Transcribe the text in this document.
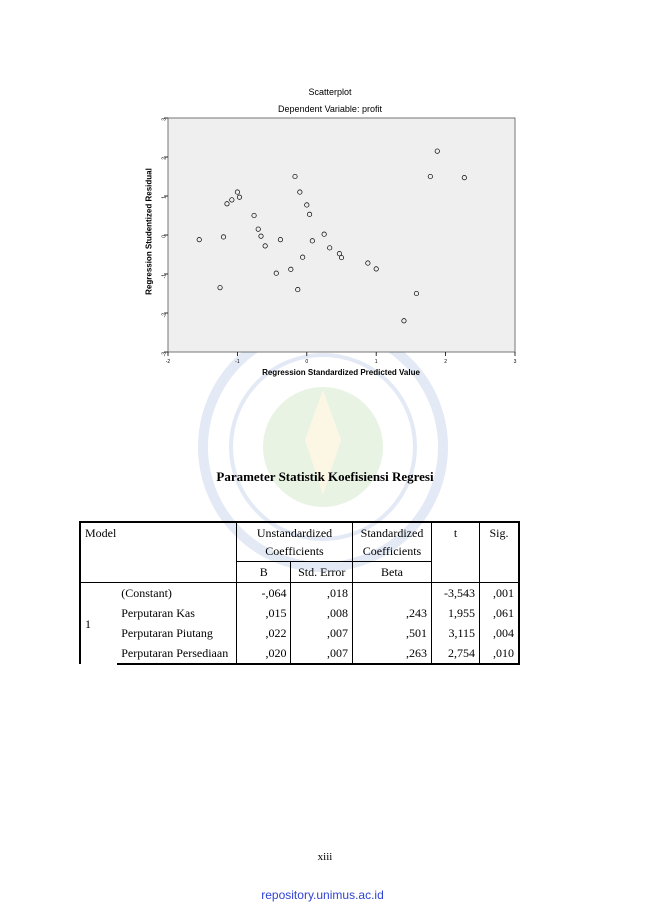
Scatterplot
Dependent Variable: profit
3
2
1
0
-1
-2
-3
-2	-1	0	1	2	3
Regression Studentized Residual
Regression Standardized Predicted Value
Parameter Statistik Koefisiensi Regresi
Model		Unstandardized Coefficients		Standardized Coefficients	t	Sig.
		B	Std. Error	Beta		
1	(Constant)	-,064	,018		-3,543	,001
	Perputaran Kas	,015	,008	,243	1,955	,061
	Perputaran Piutang	,022	,007	,501	3,115	,004
	Perputaran Persediaan	,020	,007	,263	2,754	,010
xiii
repository.unimus.ac.id
